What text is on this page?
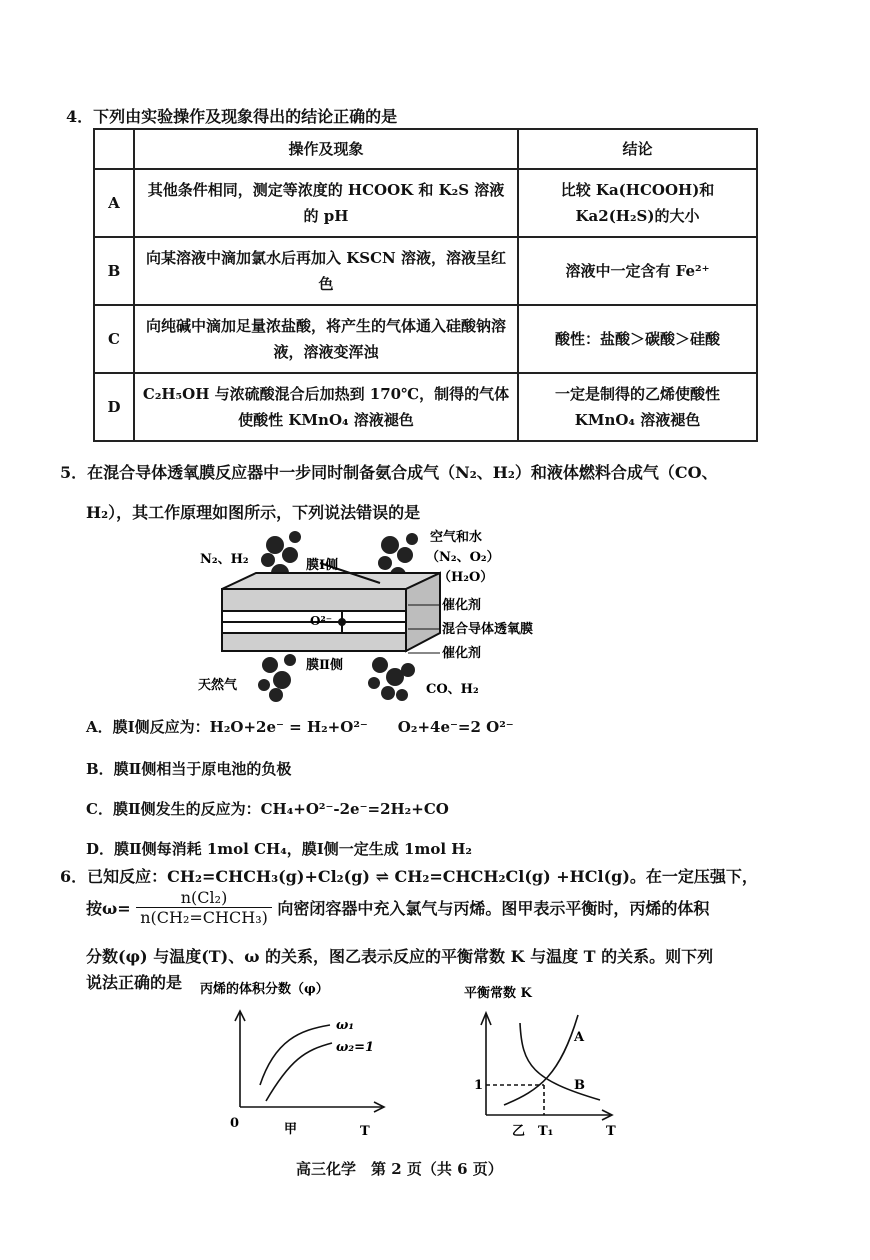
4．下列由实验操作及现象得出的结论正确的是
	操作及现象	结论
A	其他条件相同，测定等浓度的 HCOOK 和 K₂S 溶液的 pH	比较 Ka(HCOOH)和 Ka2(H₂S)的大小
B	向某溶液中滴加氯水后再加入 KSCN 溶液，溶液呈红色	溶液中一定含有 Fe²⁺
C	向纯碱中滴加足量浓盐酸，将产生的气体通入硅酸钠溶液，溶液变浑浊	酸性：盐酸＞碳酸＞硅酸
D	C₂H₅OH 与浓硫酸混合后加热到 170℃，制得的气体使酸性 KMnO₄ 溶液褪色	一定是制得的乙烯使酸性 KMnO₄ 溶液褪色
5．在混合导体透氧膜反应器中一步同时制备氨合成气（N₂、H₂）和液体燃料合成气（CO、
H₂），其工作原理如图所示，下列说法错误的是
N₂、H₂
空气和水
（N₂、O₂）
（H₂O）
膜Ⅰ侧
O²⁻
膜Ⅱ侧
催化剂
混合导体透氧膜
催化剂
天然气	CO、H₂
A．膜Ⅰ侧反应为：H₂O+2e⁻ = H₂+O²⁻　　O₂+4e⁻=2 O²⁻
B．膜Ⅱ侧相当于原电池的负极
C．膜Ⅱ侧发生的反应为：CH₄+O²⁻-2e⁻=2H₂+CO
D．膜Ⅱ侧每消耗 1mol CH₄，膜Ⅰ侧一定生成 1mol H₂
6．已知反应：CH₂=CHCH₃(g)+Cl₂(g) ⇌ CH₂=CHCH₂Cl(g) +HCl(g)。在一定压强下，
按$\omega= \frac{\text{n(Cl₂)}}{\text{n(CH₂=CHCH₃)}}$ 向密闭容器中充入氯气与丙烯。图甲表示平衡时，丙烯的体积
分数(φ) 与温度(T)、ω 的关系，图乙表示反应的平衡常数 K 与温度 T 的关系。则下列
说法正确的是 丙烯的体积分数（φ）
ω₁
ω₂=1
0	甲	T
平衡常数 K
A
B
1
乙 T₁	T
高三化学　第 2 页（共 6 页）
